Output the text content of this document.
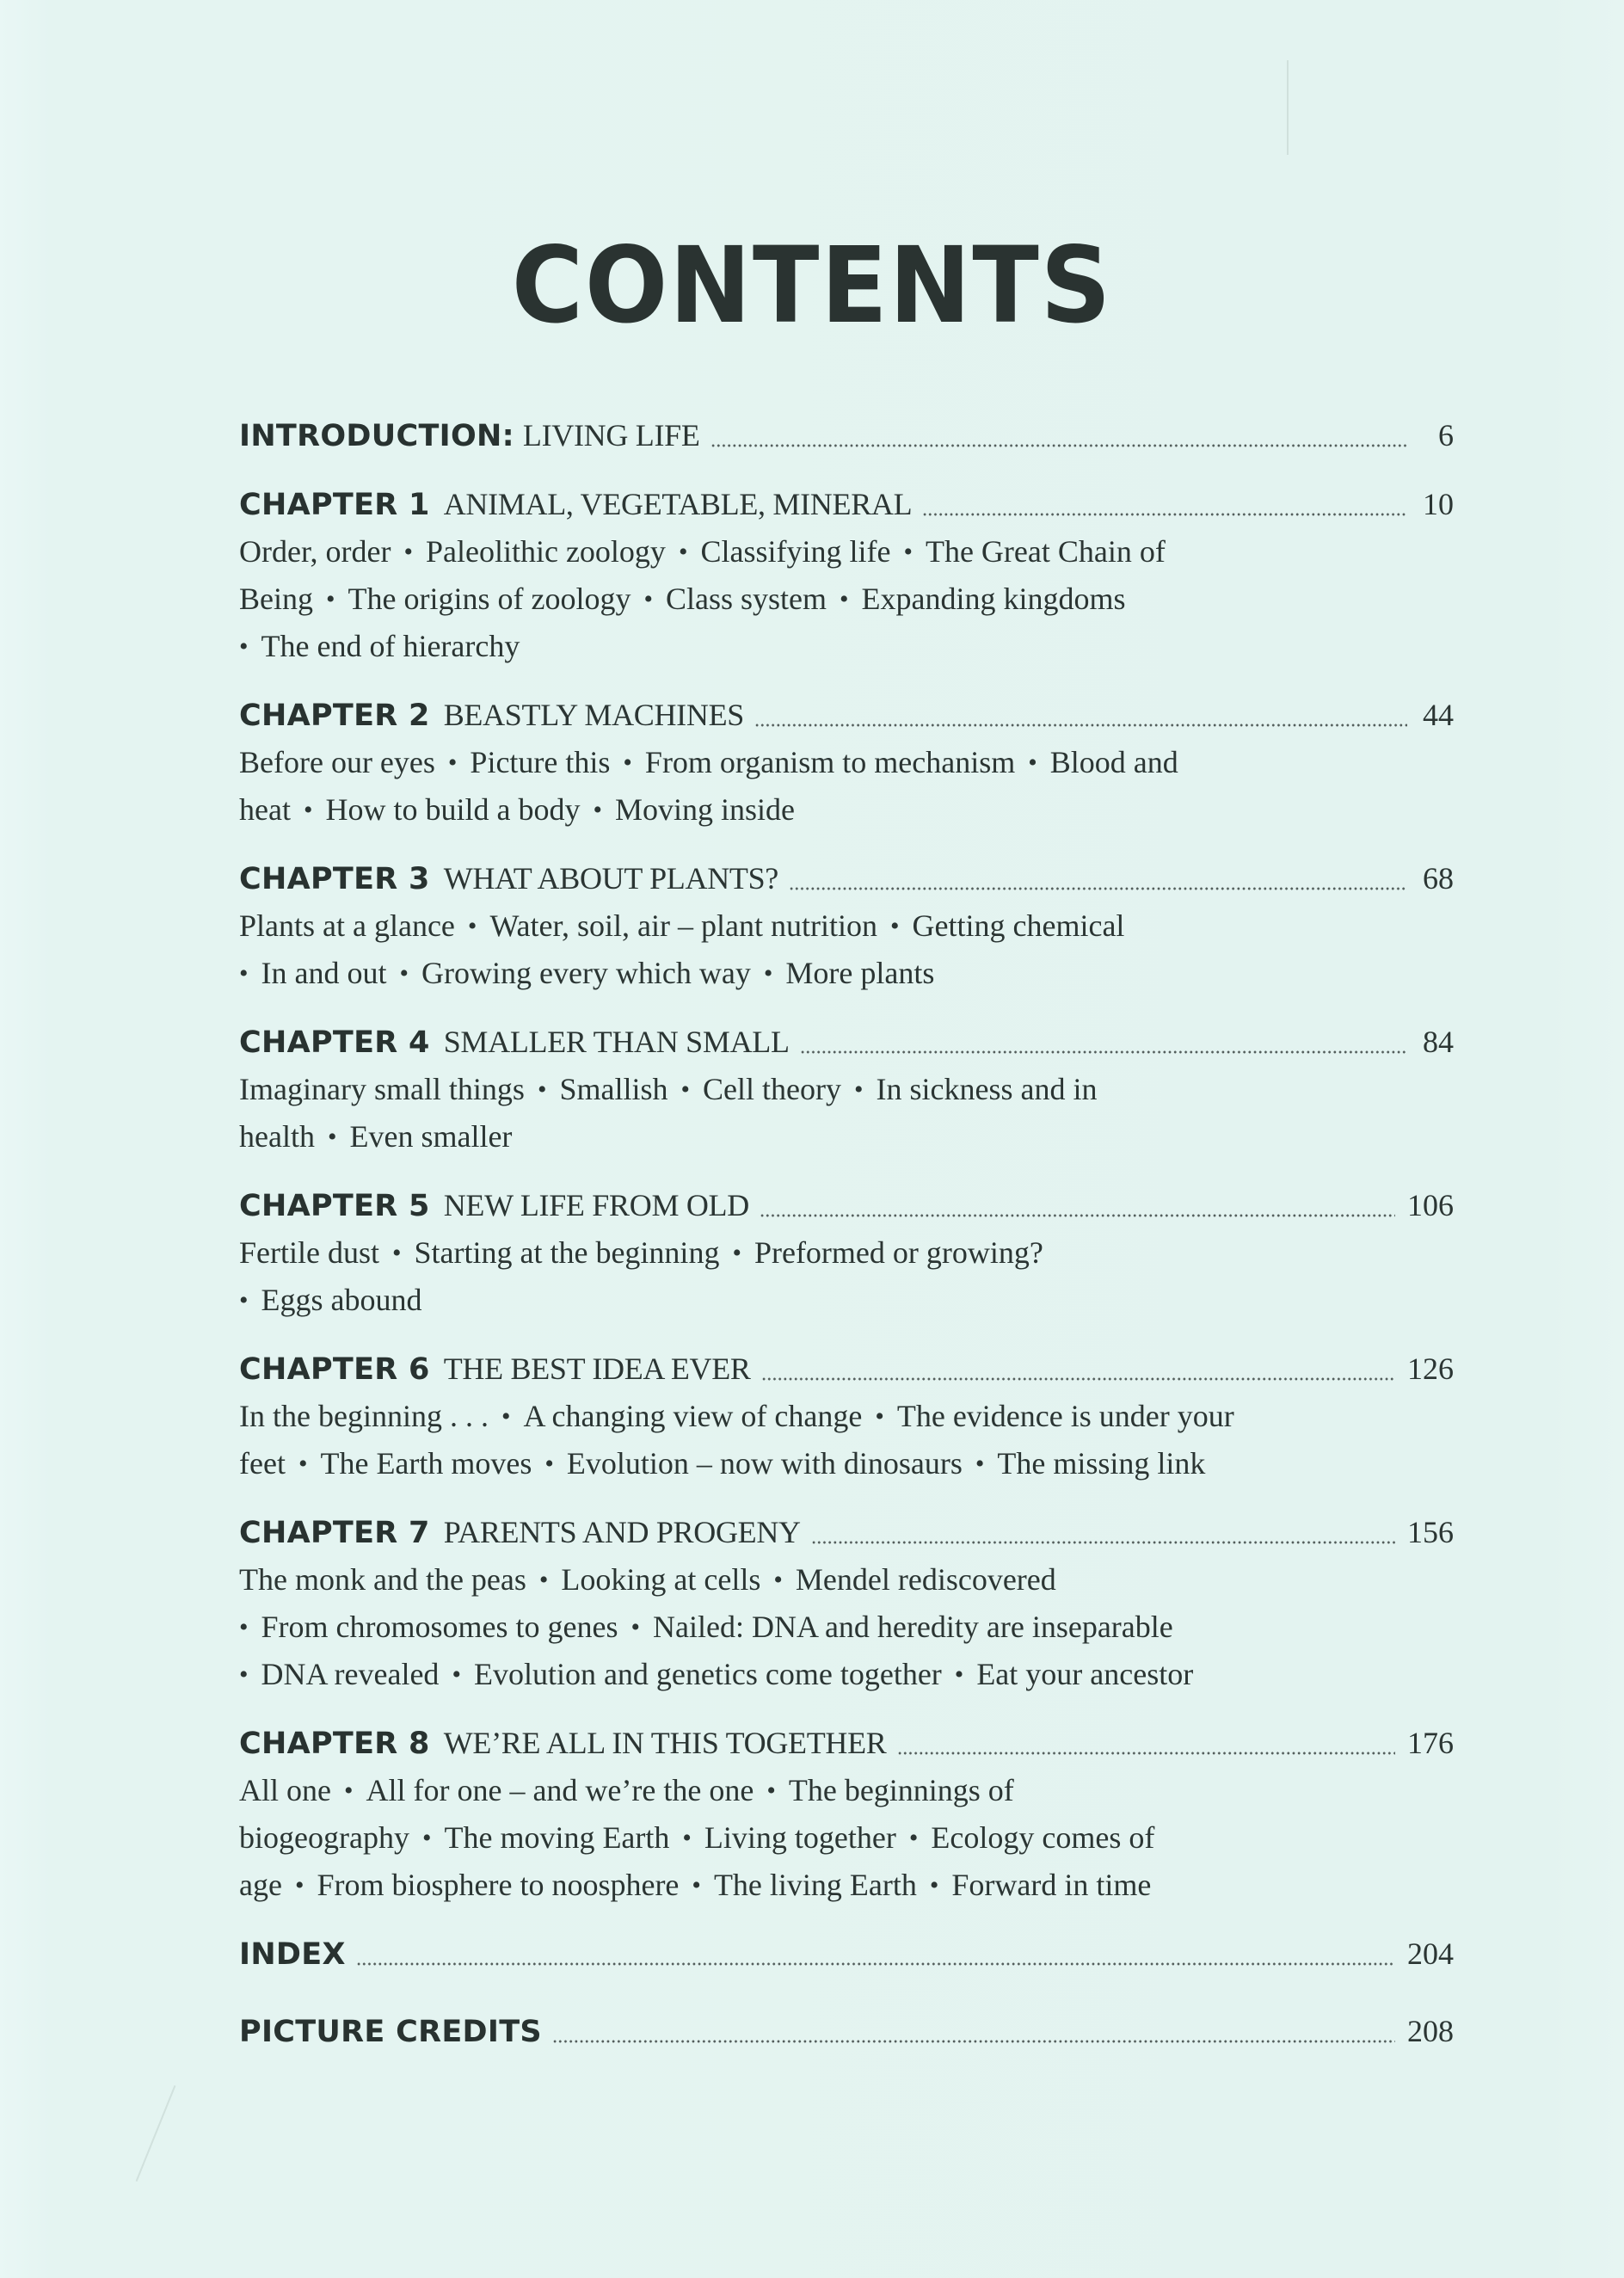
CONTENTS
INTRODUCTION: LIVING LIFE	6
CHAPTER 1 ANIMAL, VEGETABLE, MINERAL	10
Order, order • Paleolithic zoology • Classifying life • The Great Chain of
Being • The origins of zoology • Class system • Expanding kingdoms
• The end of hierarchy
CHAPTER 2 BEASTLY MACHINES	44
Before our eyes • Picture this • From organism to mechanism • Blood and
heat • How to build a body • Moving inside
CHAPTER 3 WHAT ABOUT PLANTS?	68
Plants at a glance • Water, soil, air – plant nutrition • Getting chemical
• In and out • Growing every which way • More plants
CHAPTER 4 SMALLER THAN SMALL	84
Imaginary small things • Smallish • Cell theory • In sickness and in
health • Even smaller
CHAPTER 5 NEW LIFE FROM OLD	106
Fertile dust • Starting at the beginning • Preformed or growing?
• Eggs abound
CHAPTER 6 THE BEST IDEA EVER	126
In the beginning . . . • A changing view of change • The evidence is under your
feet • The Earth moves • Evolution – now with dinosaurs • The missing link
CHAPTER 7 PARENTS AND PROGENY	156
The monk and the peas • Looking at cells • Mendel rediscovered
• From chromosomes to genes • Nailed: DNA and heredity are inseparable
• DNA revealed • Evolution and genetics come together • Eat your ancestor
CHAPTER 8 WE’RE ALL IN THIS TOGETHER	176
All one • All for one – and we’re the one • The beginnings of
biogeography • The moving Earth • Living together • Ecology comes of
age • From biosphere to noosphere • The living Earth • Forward in time
INDEX	204
PICTURE CREDITS	208
